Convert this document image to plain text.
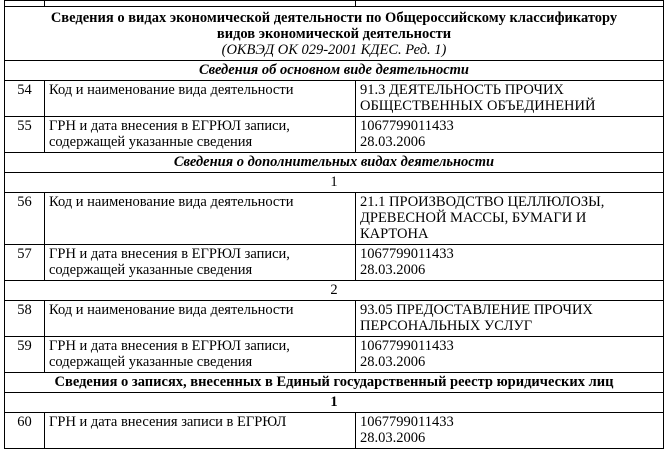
Сведения о видах экономической деятельности по Общероссийскому классификатору
видов экономической деятельности
(ОКВЭД ОК 029-2001 КДЕС. Ред. 1)		

Сведения об основном виде деятельности		
54	Код и наименование вида деятельности	91.3 ДЕЯТЕЛЬНОСТЬ ПРОЧИХ
ОБЩЕСТВЕННЫХ ОБЪЕДИНЕНИЙ

55	ГРН и дата внесения в ЕГРЮЛ записи,
содержащей указанные сведения	1067799011433
28.03.2006

Сведения о дополнительных видах деятельности		
1		
56	Код и наименование вида деятельности	21.1 ПРОИЗВОДСТВО ЦЕЛЛЮЛОЗЫ,
ДРЕВЕСНОЙ МАССЫ, БУМАГИ И
КАРТОНА

57	ГРН и дата внесения в ЕГРЮЛ записи,
содержащей указанные сведения	1067799011433
28.03.2006

2		
58	Код и наименование вида деятельности	93.05 ПРЕДОСТАВЛЕНИЕ ПРОЧИХ
ПЕРСОНАЛЬНЫХ УСЛУГ

59	ГРН и дата внесения в ЕГРЮЛ записи,
содержащей указанные сведения	1067799011433
28.03.2006

Сведения о записях, внесенных в Единый государственный реестр юридических лиц		
1		
60	ГРН и дата внесения записи в ЕГРЮЛ	1067799011433
28.03.2006
